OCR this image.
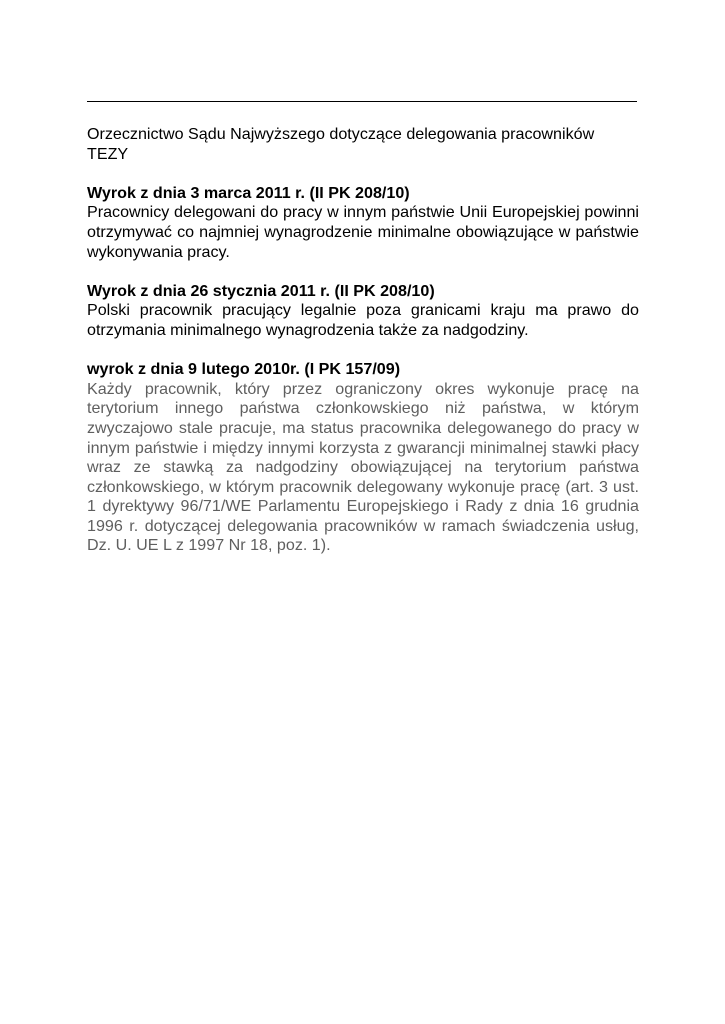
Orzecznictwo Sądu Najwyższego dotyczące delegowania pracowników

TEZY

Wyrok z dnia 3 marca 2011 r. (II PK 208/10)

Pracownicy delegowani do pracy w innym państwie Unii Europejskiej powinni otrzymywać co najmniej wynagrodzenie minimalne obowiązujące w państwie wykonywania pracy.

Wyrok z dnia 26 stycznia 2011 r. (II PK 208/10)

Polski pracownik pracujący legalnie poza granicami kraju ma prawo do otrzymania minimalnego wynagrodzenia także za nadgodziny.

wyrok z dnia 9 lutego 2010r. (I PK 157/09)

Każdy pracownik, który przez ograniczony okres wykonuje pracę na terytorium innego państwa członkowskiego niż państwa, w którym zwyczajowo stale pracuje, ma status pracownika delegowanego do pracy w innym państwie i między innymi korzysta z gwarancji minimalnej stawki płacy wraz ze stawką za nadgodziny obowiązującej na terytorium państwa członkowskiego, w którym pracownik delegowany wykonuje pracę (art. 3 ust. 1 dyrektywy 96/71/WE Parlamentu Europejskiego i Rady z dnia 16 grudnia 1996 r. dotyczącej delegowania pracowników w ramach świadczenia usług, Dz. U. UE L z 1997 Nr 18, poz. 1).
